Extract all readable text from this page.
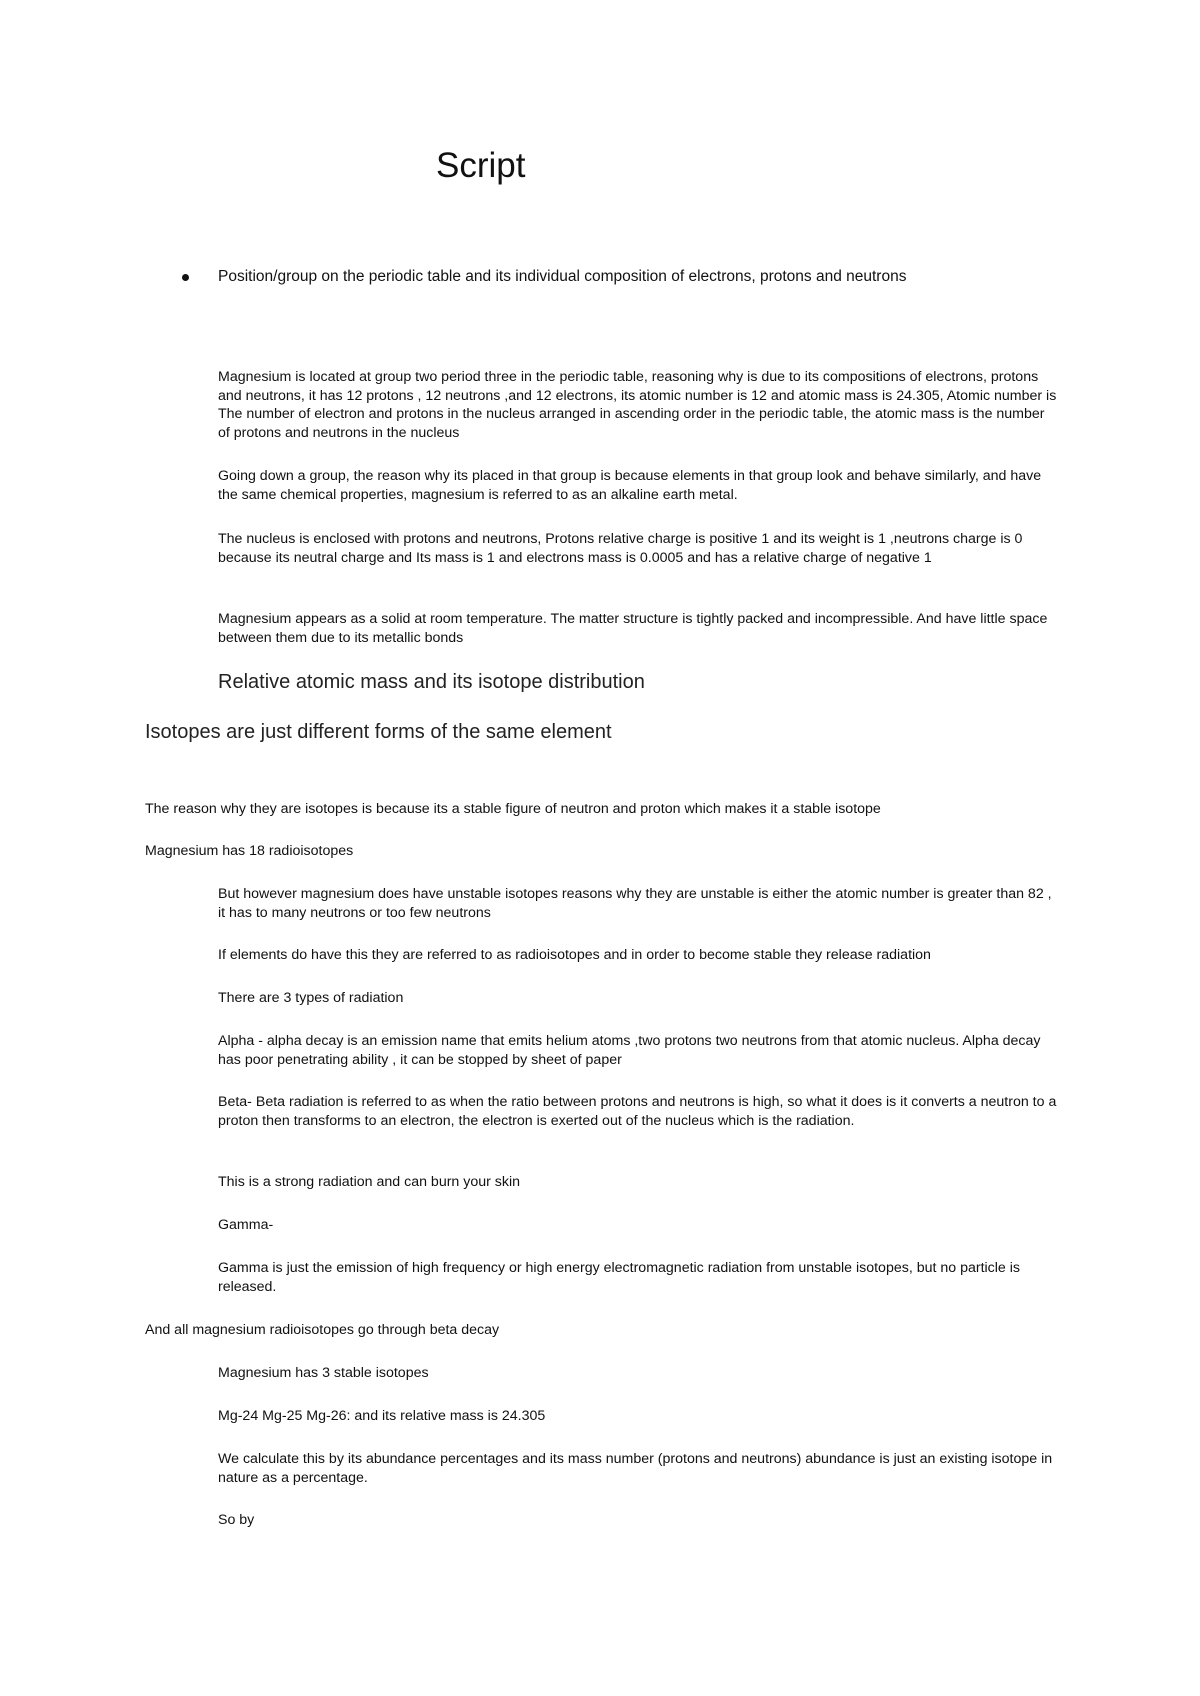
Script
Position/group on the periodic table and its individual composition of electrons, protons and neutrons

Magnesium is located at group two period three in the periodic table, reasoning why is due to its compositions of electrons, protons and neutrons, it has 12 protons , 12 neutrons ,and 12 electrons, its atomic number is 12 and atomic mass is 24.305, Atomic number is The number of electron and protons in the nucleus arranged in ascending order in the periodic table, the atomic mass is the number of protons and neutrons in the nucleus

Going down a group, the reason why its placed in that group is because elements in that group look and behave similarly, and have the same chemical properties, magnesium is referred to as an alkaline earth metal.

The nucleus is enclosed with protons and neutrons, Protons relative charge is positive 1 and its weight is 1 ,neutrons charge is 0 because its neutral charge and Its mass is 1 and electrons mass is 0.0005 and has a relative charge of negative 1

Magnesium appears as a solid at room temperature. The matter structure is tightly packed and incompressible. And have little space between them due to its metallic bonds

Relative atomic mass and its isotope distribution
Isotopes are just different forms of the same element

The reason why they are isotopes is because its a stable figure of neutron and proton which makes it a stable isotope

Magnesium has 18 radioisotopes

But however magnesium does have unstable isotopes reasons why they are unstable is either the atomic number is greater than 82 , it has to many neutrons or too few neutrons

If elements do have this they are referred to as radioisotopes and in order to become stable they release radiation

There are 3 types of radiation

Alpha - alpha decay is an emission name that emits helium atoms ,two protons two neutrons from that atomic nucleus. Alpha decay has poor penetrating ability , it can be stopped by sheet of paper

Beta- Beta radiation is referred to as when the ratio between protons and neutrons is high, so what it does is it converts a neutron to a proton then transforms to an electron, the electron is exerted out of the nucleus which is the radiation.

This is a strong radiation and can burn your skin

Gamma-

Gamma is just the emission of high frequency or high energy electromagnetic radiation from unstable isotopes, but no particle is released.

And all magnesium radioisotopes go through beta decay

Magnesium has 3 stable isotopes

Mg-24 Mg-25 Mg-26: and its relative mass is 24.305

We calculate this by its abundance percentages and its mass number (protons and neutrons) abundance is just an existing isotope in nature as a percentage.

So by
